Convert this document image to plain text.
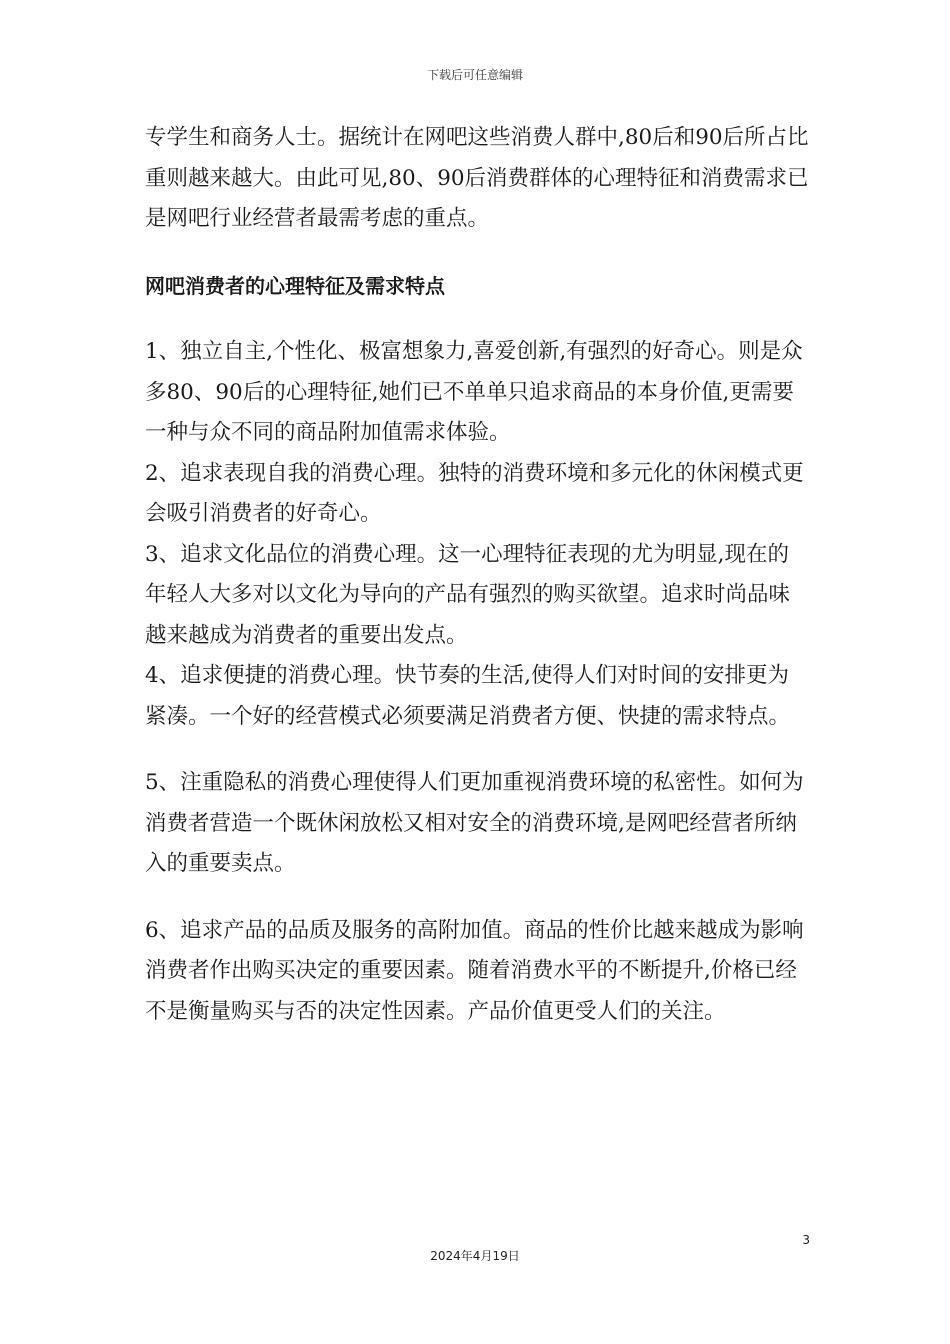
下载后可任意编辑

专学生和商务人士。据统计在网吧这些消费人群中,80后和90后所占比重则越来越大。由此可见,80、90后消费群体的心理特征和消费需求已是网吧行业经营者最需考虑的重点。

网吧消费者的心理特征及需求特点

1、独立自主,个性化、极富想象力,喜爱创新,有强烈的好奇心。则是众多80、90后的心理特征,她们已不单单只追求商品的本身价值,更需要一种与众不同的商品附加值需求体验。

2、追求表现自我的消费心理。独特的消费环境和多元化的休闲模式更会吸引消费者的好奇心。

3、追求文化品位的消费心理。这一心理特征表现的尤为明显,现在的年轻人大多对以文化为导向的产品有强烈的购买欲望。追求时尚品味越来越成为消费者的重要出发点。

4、追求便捷的消费心理。快节奏的生活,使得人们对时间的安排更为紧凑。一个好的经营模式必须要满足消费者方便、快捷的需求特点。

5、注重隐私的消费心理使得人们更加重视消费环境的私密性。如何为消费者营造一个既休闲放松又相对安全的消费环境,是网吧经营者所纳入的重要卖点。

6、追求产品的品质及服务的高附加值。商品的性价比越来越成为影响消费者作出购买决定的重要因素。随着消费水平的不断提升,价格已经不是衡量购买与否的决定性因素。产品价值更受人们的关注。

3
2024年4月19日
